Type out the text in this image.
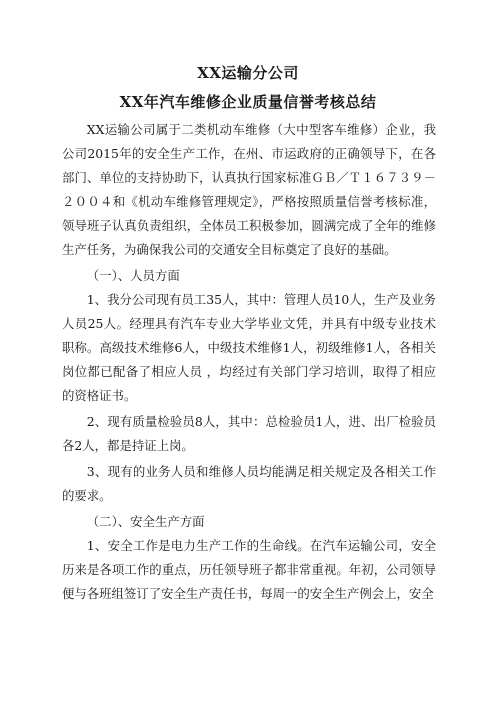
XX运输分公司
XX年汽车维修企业质量信誉考核总结

XX运输公司属于二类机动车维修（大中型客车维修）企业，我公司2015年的安全生产工作，在州、市运政府的正确领导下，在各部门、单位的支持协助下，认真执行国家标准ＧＢ／Ｔ１６７３９－２００４和《机动车维修管理规定》，严格按照质量信誉考核标准，领导班子认真负责组织，全体员工积极参加，圆满完成了全年的维修生产任务，为确保我公司的交通安全目标奠定了良好的基础。

（一）、人员方面

1、我分公司现有员工35人，其中：管理人员10人，生产及业务人员25人。经理具有汽车专业大学毕业文凭，并具有中级专业技术职称。高级技术维修6人，中级技术维修1人，初级维修1人，各相关岗位都已配备了相应人员 ，均经过有关部门学习培训，取得了相应的资格证书。

2、现有质量检验员8人，其中：总检验员1人，进、出厂检验员各2人，都是持证上岗。

3、现有的业务人员和维修人员均能满足相关规定及各相关工作的要求。

（二）、安全生产方面

1、安全工作是电力生产工作的生命线。在汽车运输公司，安全历来是各项工作的重点，历任领导班子都非常重视。年初，公司领导便与各班组签订了安全生产责任书，每周一的安全生产例会上，安全
